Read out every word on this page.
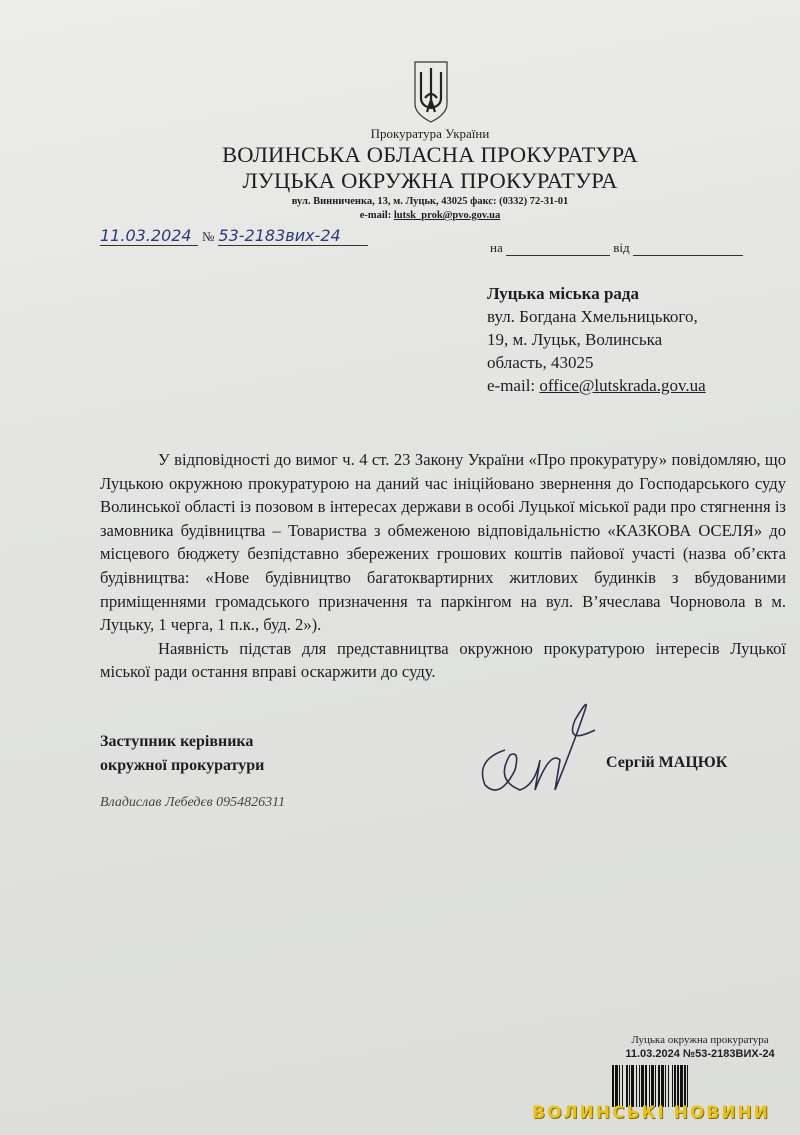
Прокуратура України
ВОЛИНСЬКА ОБЛАСНА ПРОКУРАТУРА
ЛУЦЬКА ОКРУЖНА ПРОКУРАТУРА
вул. Винниченка, 13, м. Луцьк, 43025 факс: (0332) 72-31-01
e-mail: lutsk_prok@pvo.gov.ua
11.03.2024 № 53-2183вих-24
на	від
Луцька міська рада
вул. Богдана Хмельницького,
19, м. Луцьк, Волинська
область, 43025
e-mail: office@lutskrada.gov.ua

У відповідності до вимог ч. 4 ст. 23 Закону України «Про прокуратуру» повідомляю, що Луцькою окружною прокуратурою на даний час ініційовано звернення до Господарського суду Волинської області із позовом в інтересах держави в особі Луцької міської ради про стягнення із замовника будівництва – Товариства з обмеженою відповідальністю «КАЗКОВА ОСЕЛЯ» до місцевого бюджету безпідставно збережених грошових коштів пайової участі (назва об’єкта будівництва: «Нове будівництво багатоквартирних житлових будинків з вбудованими приміщеннями громадського призначення та паркінгом на вул. В’ячеслава Чорновола в м. Луцьку, 1 черга, 1 п.к., буд. 2»).

Наявність підстав для представництва окружною прокуратурою інтересів Луцької міської ради остання вправі оскаржити до суду.

Заступник керівника
окружної прокуратури	Сергій МАЦЮК
Владислав Лебедєв 0954826311
Луцька окружна прокуратура
11.03.2024 №53-2183ВИХ-24
ВОЛИНСЬКІ НОВИНИ
